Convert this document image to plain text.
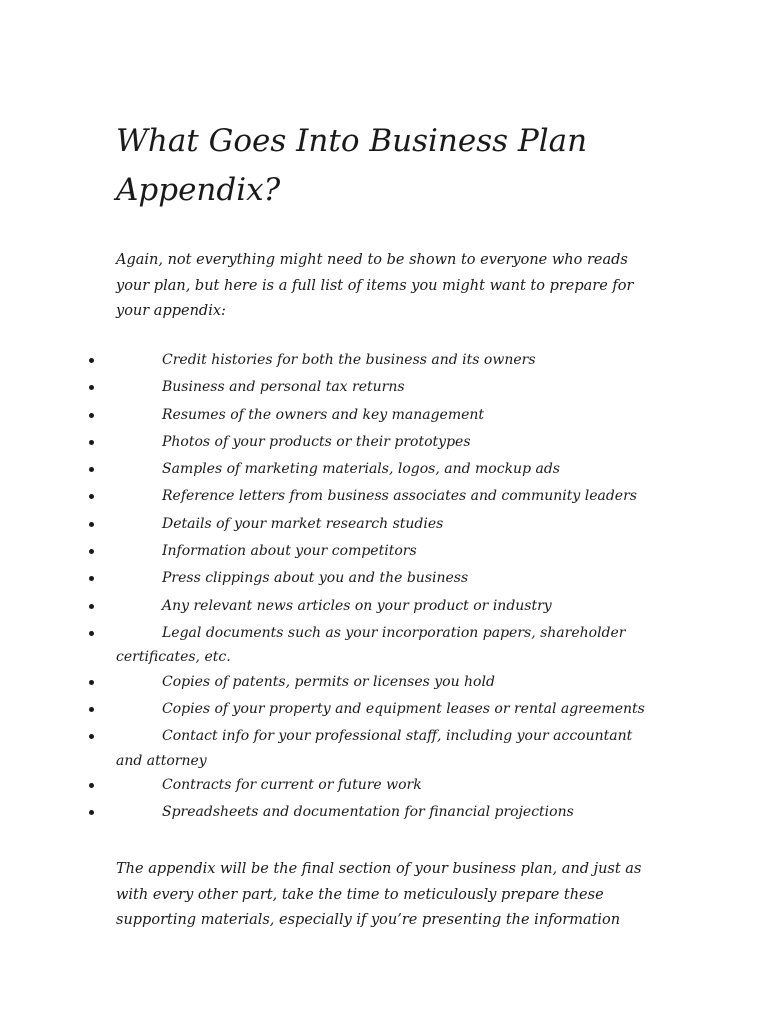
What Goes Into Business Plan Appendix?

Again, not everything might need to be shown to everyone who reads your plan, but here is a full list of items you might want to prepare for your appendix:

Credit histories for both the business and its owners
Business and personal tax returns
Resumes of the owners and key management
Photos of your products or their prototypes
Samples of marketing materials, logos, and mockup ads
Reference letters from business associates and community leaders
Details of your market research studies
Information about your competitors
Press clippings about you and the business
Any relevant news articles on your product or industry
Legal documents such as your incorporation papers, shareholder certificates, etc.
Copies of patents, permits or licenses you hold
Copies of your property and equipment leases or rental agreements
Contact info for your professional staff, including your accountant and attorney
Contracts for current or future work
Spreadsheets and documentation for financial projections

The appendix will be the final section of your business plan, and just as with every other part, take the time to meticulously prepare these supporting materials, especially if you’re presenting the information
